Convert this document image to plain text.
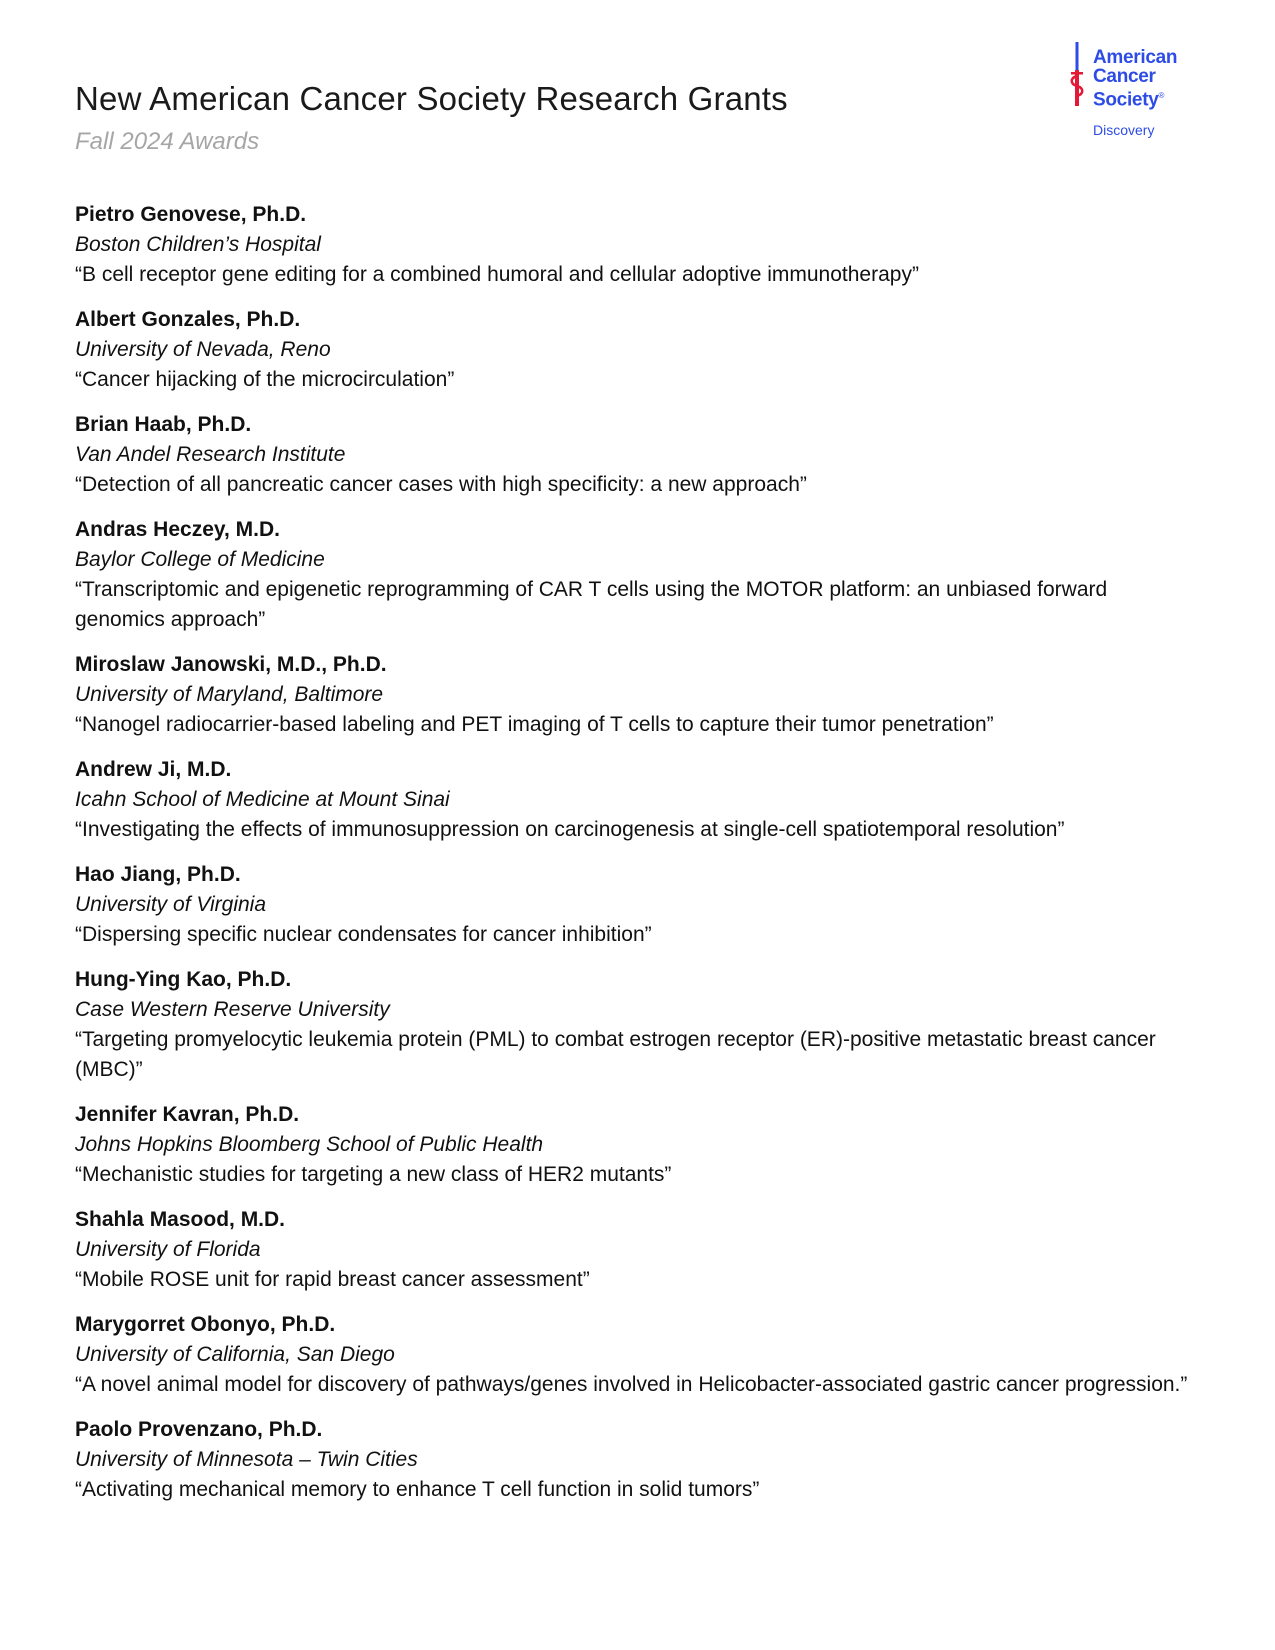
New American Cancer Society Research Grants
Fall 2024 Awards
American
Cancer
Society®
Discovery
Pietro Genovese, Ph.D.
Boston Children’s Hospital
“B cell receptor gene editing for a combined humoral and cellular adoptive immunotherapy”
Albert Gonzales, Ph.D.
University of Nevada, Reno
“Cancer hijacking of the microcirculation”
Brian Haab, Ph.D.
Van Andel Research Institute
“Detection of all pancreatic cancer cases with high specificity: a new approach”
Andras Heczey, M.D.
Baylor College of Medicine
“Transcriptomic and epigenetic reprogramming of CAR T cells using the MOTOR platform: an unbiased forward genomics approach”
Miroslaw Janowski, M.D., Ph.D.
University of Maryland, Baltimore
“Nanogel radiocarrier-based labeling and PET imaging of T cells to capture their tumor penetration”
Andrew Ji, M.D.
Icahn School of Medicine at Mount Sinai
“Investigating the effects of immunosuppression on carcinogenesis at single-cell spatiotemporal resolution”
Hao Jiang, Ph.D.
University of Virginia
“Dispersing specific nuclear condensates for cancer inhibition”
Hung-Ying Kao, Ph.D.
Case Western Reserve University
“Targeting promyelocytic leukemia protein (PML) to combat estrogen receptor (ER)-positive metastatic breast cancer (MBC)”
Jennifer Kavran, Ph.D.
Johns Hopkins Bloomberg School of Public Health
“Mechanistic studies for targeting a new class of HER2 mutants”
Shahla Masood, M.D.
University of Florida
“Mobile ROSE unit for rapid breast cancer assessment”
Marygorret Obonyo, Ph.D.
University of California, San Diego
“A novel animal model for discovery of pathways/genes involved in Helicobacter-associated gastric cancer progression.”
Paolo Provenzano, Ph.D.
University of Minnesota – Twin Cities
“Activating mechanical memory to enhance T cell function in solid tumors”
